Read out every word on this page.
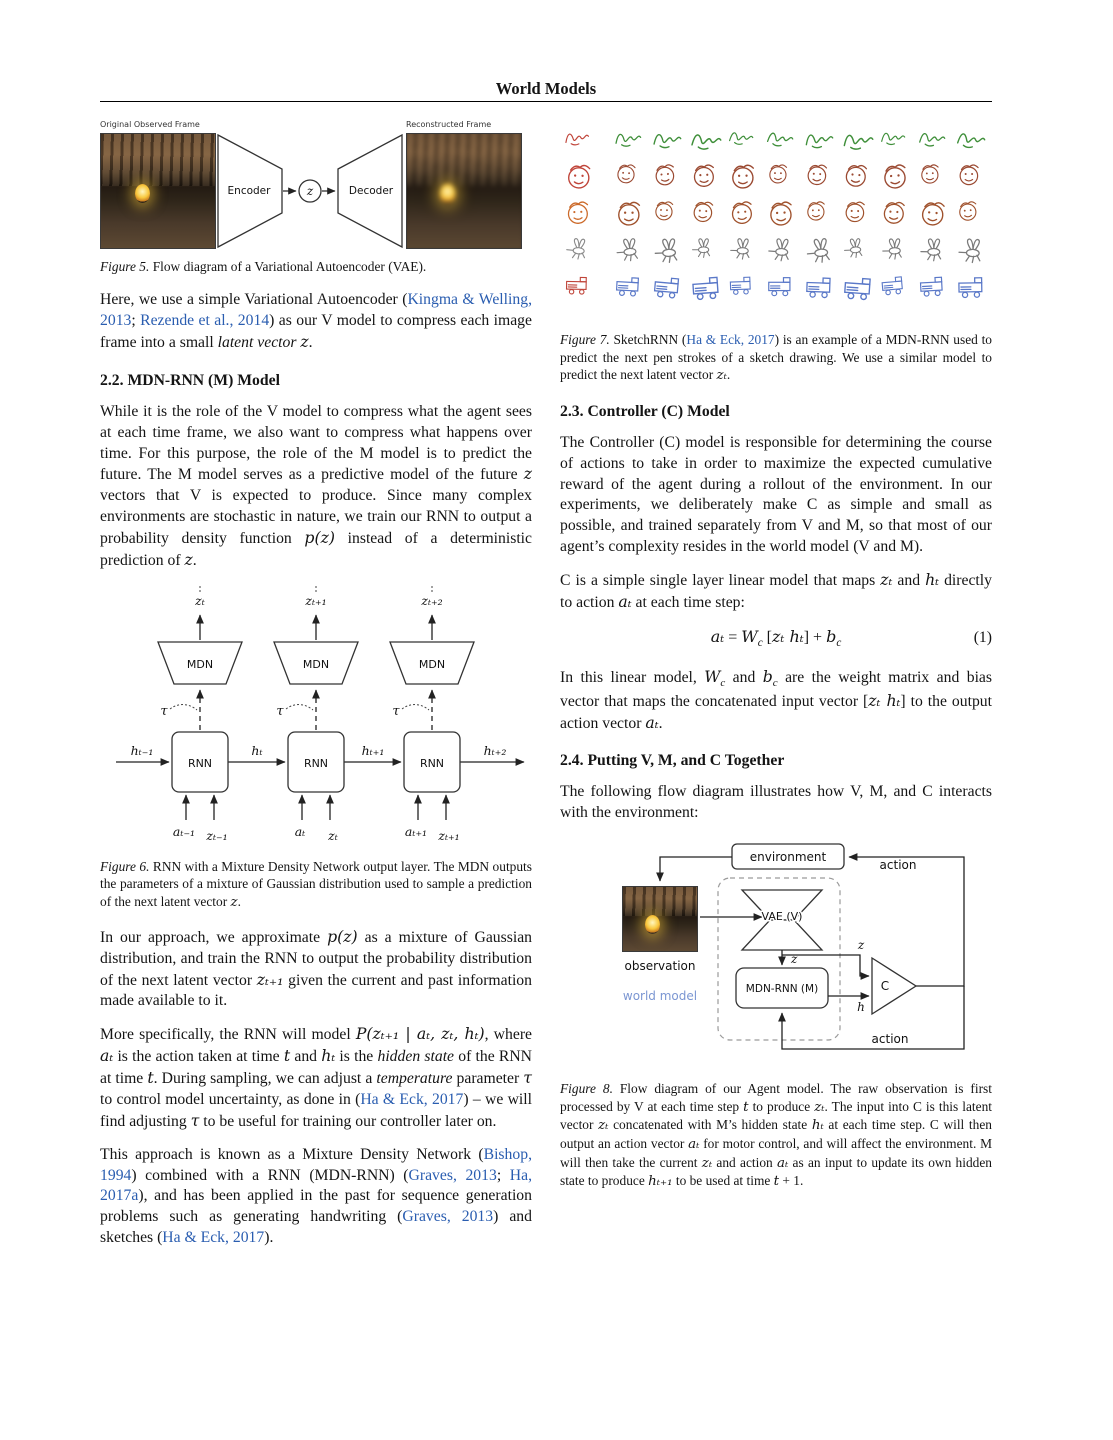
World Models
Original Observed Frame
Encoder	z	Decoder
Reconstructed Frame

Figure 5. Flow diagram of a Variational Autoencoder (VAE).

Here, we use a simple Variational Autoencoder (Kingma & Welling, 2013; Rezende et al., 2014) as our V model to compress each image frame into a small latent vector z.

2.2. MDN-RNN (M) Model

While it is the role of the V model to compress what the agent sees at each time frame, we also want to compress what happens over time. For this purpose, the role of the M model is to predict the future. The M model serves as a predictive model of the future z vectors that V is expected to produce. Since many complex environments are stochastic in nature, we train our RNN to output a probability density function p(z) instead of a deterministic prediction of z.

hₜ₋₁	hₜ	hₜ₊₁	hₜ₊₂
zₜ
MDN
τ
RNN
aₜ₋₁ zₜ₋₁
zₜ₊₁
MDN
τ
RNN
aₜ zₜ
zₜ₊₂
MDN
τ
RNN
aₜ₊₁ zₜ₊₁

Figure 6. RNN with a Mixture Density Network output layer. The MDN outputs the parameters of a mixture of Gaussian distribution used to sample a prediction of the next latent vector z.

In our approach, we approximate p(z) as a mixture of Gaussian distribution, and train the RNN to output the probability distribution of the next latent vector zₜ₊₁ given the current and past information made available to it.

More specifically, the RNN will model P(zₜ₊₁ | aₜ, zₜ, hₜ), where aₜ is the action taken at time t and hₜ is the hidden state of the RNN at time t. During sampling, we can adjust a temperature parameter τ to control model uncertainty, as done in (Ha & Eck, 2017) – we will find adjusting τ to be useful for training our controller later on.

This approach is known as a Mixture Density Network (Bishop, 1994) combined with a RNN (MDN-RNN) (Graves, 2013; Ha, 2017a), and has been applied in the past for sequence generation problems such as generating handwriting (Graves, 2013) and sketches (Ha & Eck, 2017).

Figure 7. SketchRNN (Ha & Eck, 2017) is an example of a MDN-RNN used to predict the next pen strokes of a sketch drawing. We use a similar model to predict the next latent vector zₜ.

2.3. Controller (C) Model

The Controller (C) model is responsible for determining the course of actions to take in order to maximize the expected cumulative reward of the agent during a rollout of the environment. In our experiments, we deliberately make C as simple and small as possible, and trained separately from V and M, so that most of our agent’s complexity resides in the world model (V and M).

C is a simple single layer linear model that maps zₜ and hₜ directly to action aₜ at each time step:

$a_t = W_c$ [zₜ $h_t] + b_c$	(1)

In this linear model, $W_c$ and $b_c$ are the weight matrix and bias vector that maps the concatenated input vector [zₜ hₜ] to the output action vector aₜ.

2.4. Putting V, M, and C Together

The following flow diagram illustrates how V, M, and C interacts with the environment:

environment
VAE (V)
z
z
MDN-RNN (M)
h
C
action
action
observation
world model

Figure 8. Flow diagram of our Agent model. The raw observation is first processed by V at each time step t to produce zₜ. The input into C is this latent vector zₜ concatenated with M’s hidden state hₜ at each time step. C will then output an action vector aₜ for motor control, and will affect the environment. M will then take the current zₜ and action aₜ as an input to update its own hidden state to produce hₜ₊₁ to be used at time t + 1.
